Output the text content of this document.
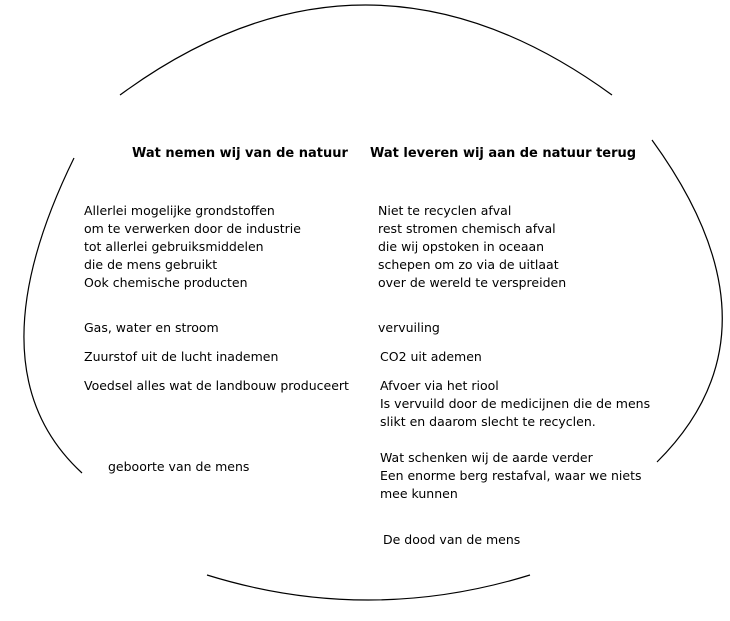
Wat nemen wij van de natuur
Allerlei mogelijke grondstoffen
om te verwerken door de industrie
tot allerlei gebruiksmiddelen
die de mens gebruikt
Ook chemische producten
Gas, water en stroom
Zuurstof uit de lucht inademen
Voedsel alles wat de landbouw produceert
geboorte van de mens
Wat leveren wij aan de natuur terug
Niet te recyclen afval
rest stromen chemisch afval
die wij opstoken in oceaan
schepen om zo via de uitlaat
over de wereld te verspreiden
vervuiling
CO2 uit ademen
Afvoer via het riool
Is vervuild door de medicijnen die de mens
slikt en daarom slecht te recyclen.
Wat schenken wij de aarde verder
Een enorme berg restafval, waar we niets
mee kunnen
De dood van de mens
